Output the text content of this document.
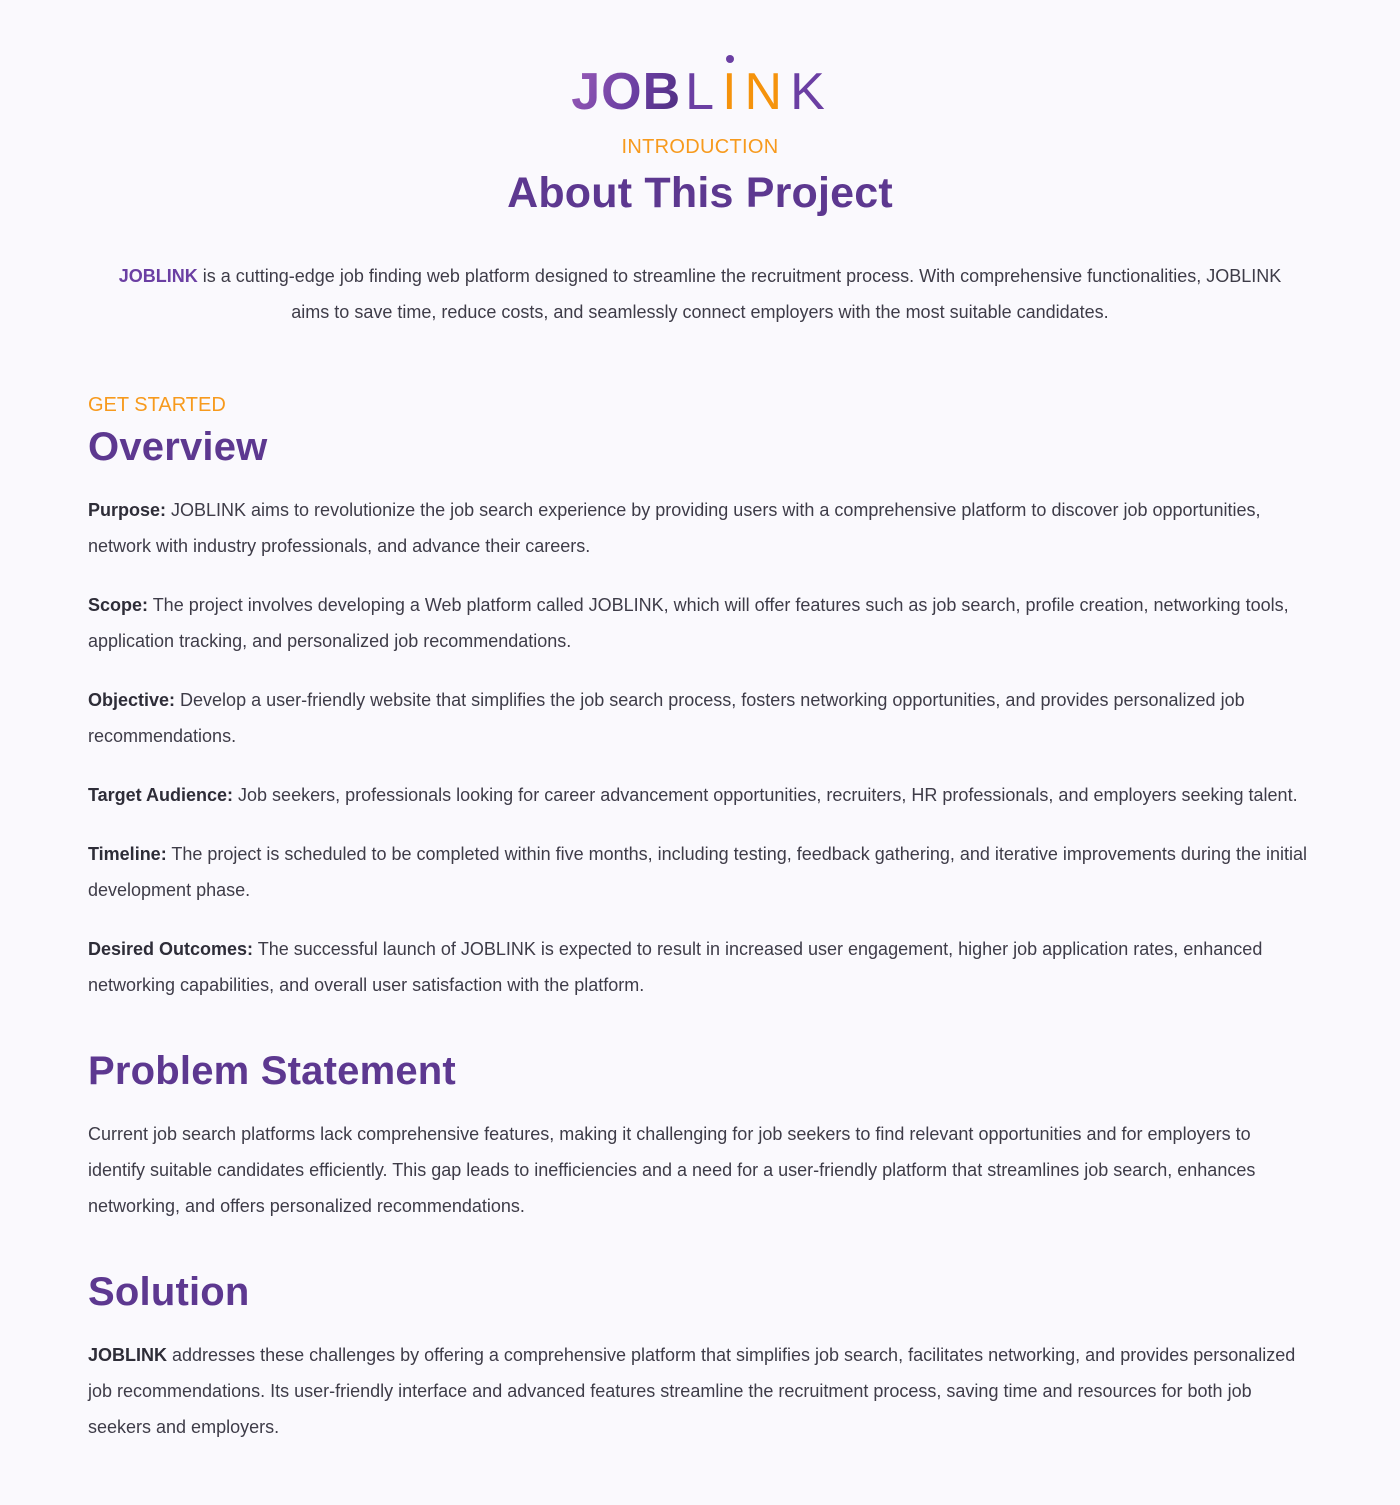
JOB L I N K
INTRODUCTION
About This Project

JOBLINK is a cutting-edge job finding web platform designed to streamline the recruitment process. With comprehensive functionalities, JOBLINK aims to save time, reduce costs, and seamlessly connect employers with the most suitable candidates.

GET STARTED
Overview

Purpose: JOBLINK aims to revolutionize the job search experience by providing users with a comprehensive platform to discover job opportunities, network with industry professionals, and advance their careers.

Scope: The project involves developing a Web platform called JOBLINK, which will offer features such as job search, profile creation, networking tools, application tracking, and personalized job recommendations.

Objective: Develop a user-friendly website that simplifies the job search process, fosters networking opportunities, and provides personalized job recommendations.

Target Audience: Job seekers, professionals looking for career advancement opportunities, recruiters, HR professionals, and employers seeking talent.

Timeline: The project is scheduled to be completed within five months, including testing, feedback gathering, and iterative improvements during the initial development phase.

Desired Outcomes: The successful launch of JOBLINK is expected to result in increased user engagement, higher job application rates, enhanced networking capabilities, and overall user satisfaction with the platform.

Problem Statement

Current job search platforms lack comprehensive features, making it challenging for job seekers to find relevant opportunities and for employers to identify suitable candidates efficiently. This gap leads to inefficiencies and a need for a user-friendly platform that streamlines job search, enhances networking, and offers personalized recommendations.

Solution

JOBLINK addresses these challenges by offering a comprehensive platform that simplifies job search, facilitates networking, and provides personalized job recommendations. Its user-friendly interface and advanced features streamline the recruitment process, saving time and resources for both job seekers and employers.
